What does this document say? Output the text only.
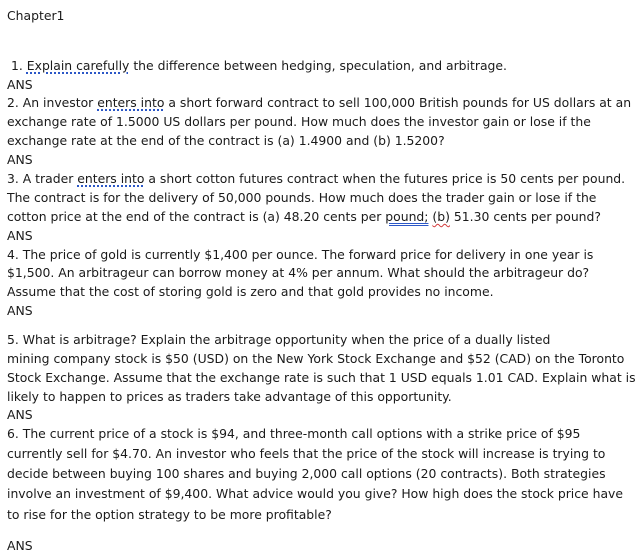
Chapter1
1. Explain carefully the difference between hedging, speculation, and arbitrage.
ANS
2. An investor enters into a short forward contract to sell 100,000 British pounds for US dollars at an
exchange rate of 1.5000 US dollars per pound. How much does the investor gain or lose if the
exchange rate at the end of the contract is (a) 1.4900 and (b) 1.5200?
ANS
3. A trader enters into a short cotton futures contract when the futures price is 50 cents per pound.
The contract is for the delivery of 50,000 pounds. How much does the trader gain or lose if the
cotton price at the end of the contract is (a) 48.20 cents per pound; (b) 51.30 cents per pound?
ANS
4. The price of gold is currently $1,400 per ounce. The forward price for delivery in one year is
$1,500. An arbitrageur can borrow money at 4% per annum. What should the arbitrageur do?
Assume that the cost of storing gold is zero and that gold provides no income.
ANS
5. What is arbitrage? Explain the arbitrage opportunity when the price of a dually listed
mining company stock is $50 (USD) on the New York Stock Exchange and $52 (CAD) on the Toronto
Stock Exchange. Assume that the exchange rate is such that 1 USD equals 1.01 CAD. Explain what is
likely to happen to prices as traders take advantage of this opportunity.
ANS
6. The current price of a stock is $94, and three-month call options with a strike price of $95
currently sell for $4.70. An investor who feels that the price of the stock will increase is trying to
decide between buying 100 shares and buying 2,000 call options (20 contracts). Both strategies
involve an investment of $9,400. What advice would you give? How high does the stock price have
to rise for the option strategy to be more profitable?
ANS
